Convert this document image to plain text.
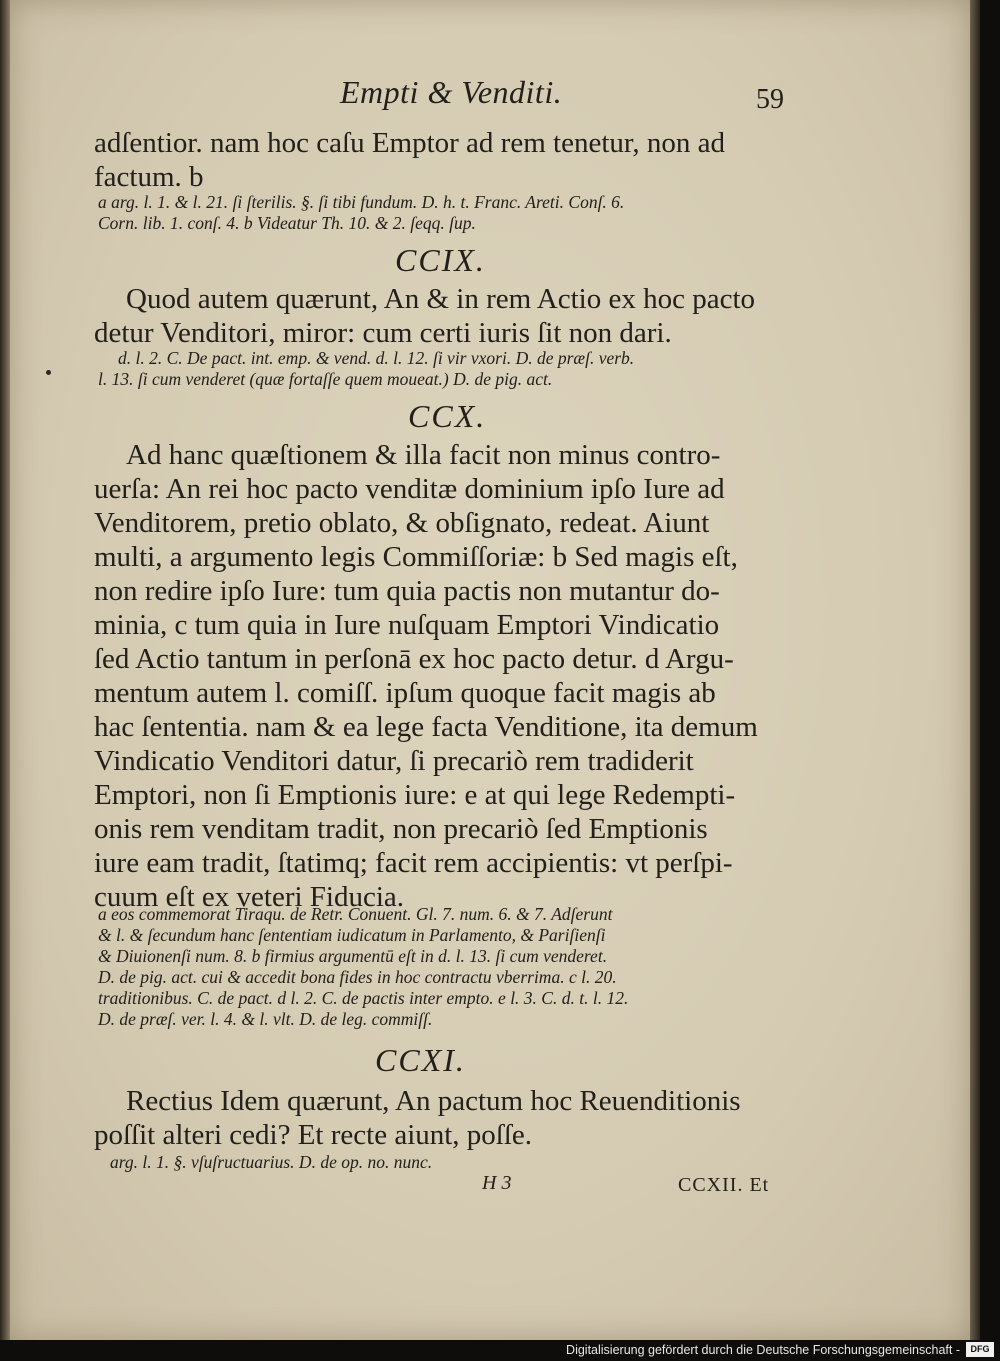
Empti & Venditi.	59
adſentior. nam hoc caſu Emptor ad rem tenetur, non ad
factum. b
a arg. l. 1. & l. 21. ſi ſterilis. §. ſi tibi fundum. D. h. t. Franc. Areti. Conſ. 6.
Corn. lib. 1. conſ. 4. b Videatur Th. 10. & 2. ſeqq. ſup.
CCIX.
Quod autem quærunt, An & in rem Actio ex hoc pacto
detur Venditori, miror: cum certi iuris ſit non dari.
d. l. 2. C. De pact. int. emp. & vend. d. l. 12. ſi vir vxori. D. de præſ. verb.
l. 13. ſi cum venderet (quæ fortaſſe quem moueat.) D. de pig. act.
CCX.
Ad hanc quæſtionem & illa facit non minus contro-
uerſa: An rei hoc pacto venditæ dominium ipſo Iure ad
Venditorem, pretio oblato, & obſignato, redeat. Aiunt
multi, a argumento legis Commiſſoriæ: b Sed magis eſt,
non redire ipſo Iure: tum quia pactis non mutantur do-
minia, c tum quia in Iure nuſquam Emptori Vindicatio
ſed Actio tantum in perſonā ex hoc pacto detur. d Argu-
mentum autem l. comiſſ. ipſum quoque facit magis ab
hac ſententia. nam & ea lege facta Venditione, ita demum
Vindicatio Venditori datur, ſi precariò rem tradiderit
Emptori, non ſi Emptionis iure: e at qui lege Redempti-
onis rem venditam tradit, non precariò ſed Emptionis
iure eam tradit, ſtatimq; facit rem accipientis: vt perſpi-
cuum eſt ex veteri Fiducia.
a eos commemorat Tiraqu. de Retr. Conuent. Gl. 7. num. 6. & 7. Adſerunt
& l. & ſecundum hanc ſententiam iudicatum in Parlamento, & Pariſienſi
& Diuionenſi num. 8. b firmius argumentū eſt in d. l. 13. ſi cum venderet.
D. de pig. act. cui & accedit bona fides in hoc contractu vberrima. c l. 20.
traditionibus. C. de pact. d l. 2. C. de pactis inter empto. e l. 3. C. d. t. l. 12.
D. de præſ. ver. l. 4. & l. vlt. D. de leg. commiſſ.
CCXI.
Rectius Idem quærunt, An pactum hoc Reuenditionis
poſſit alteri cedi? Et recte aiunt, poſſe.
arg. l. 1. §. vſuſructuarius. D. de op. no. nunc.
H 3	CCXII. Et
Digitalisierung gefördert durch die Deutsche Forschungsgemeinschaft -	DFG
